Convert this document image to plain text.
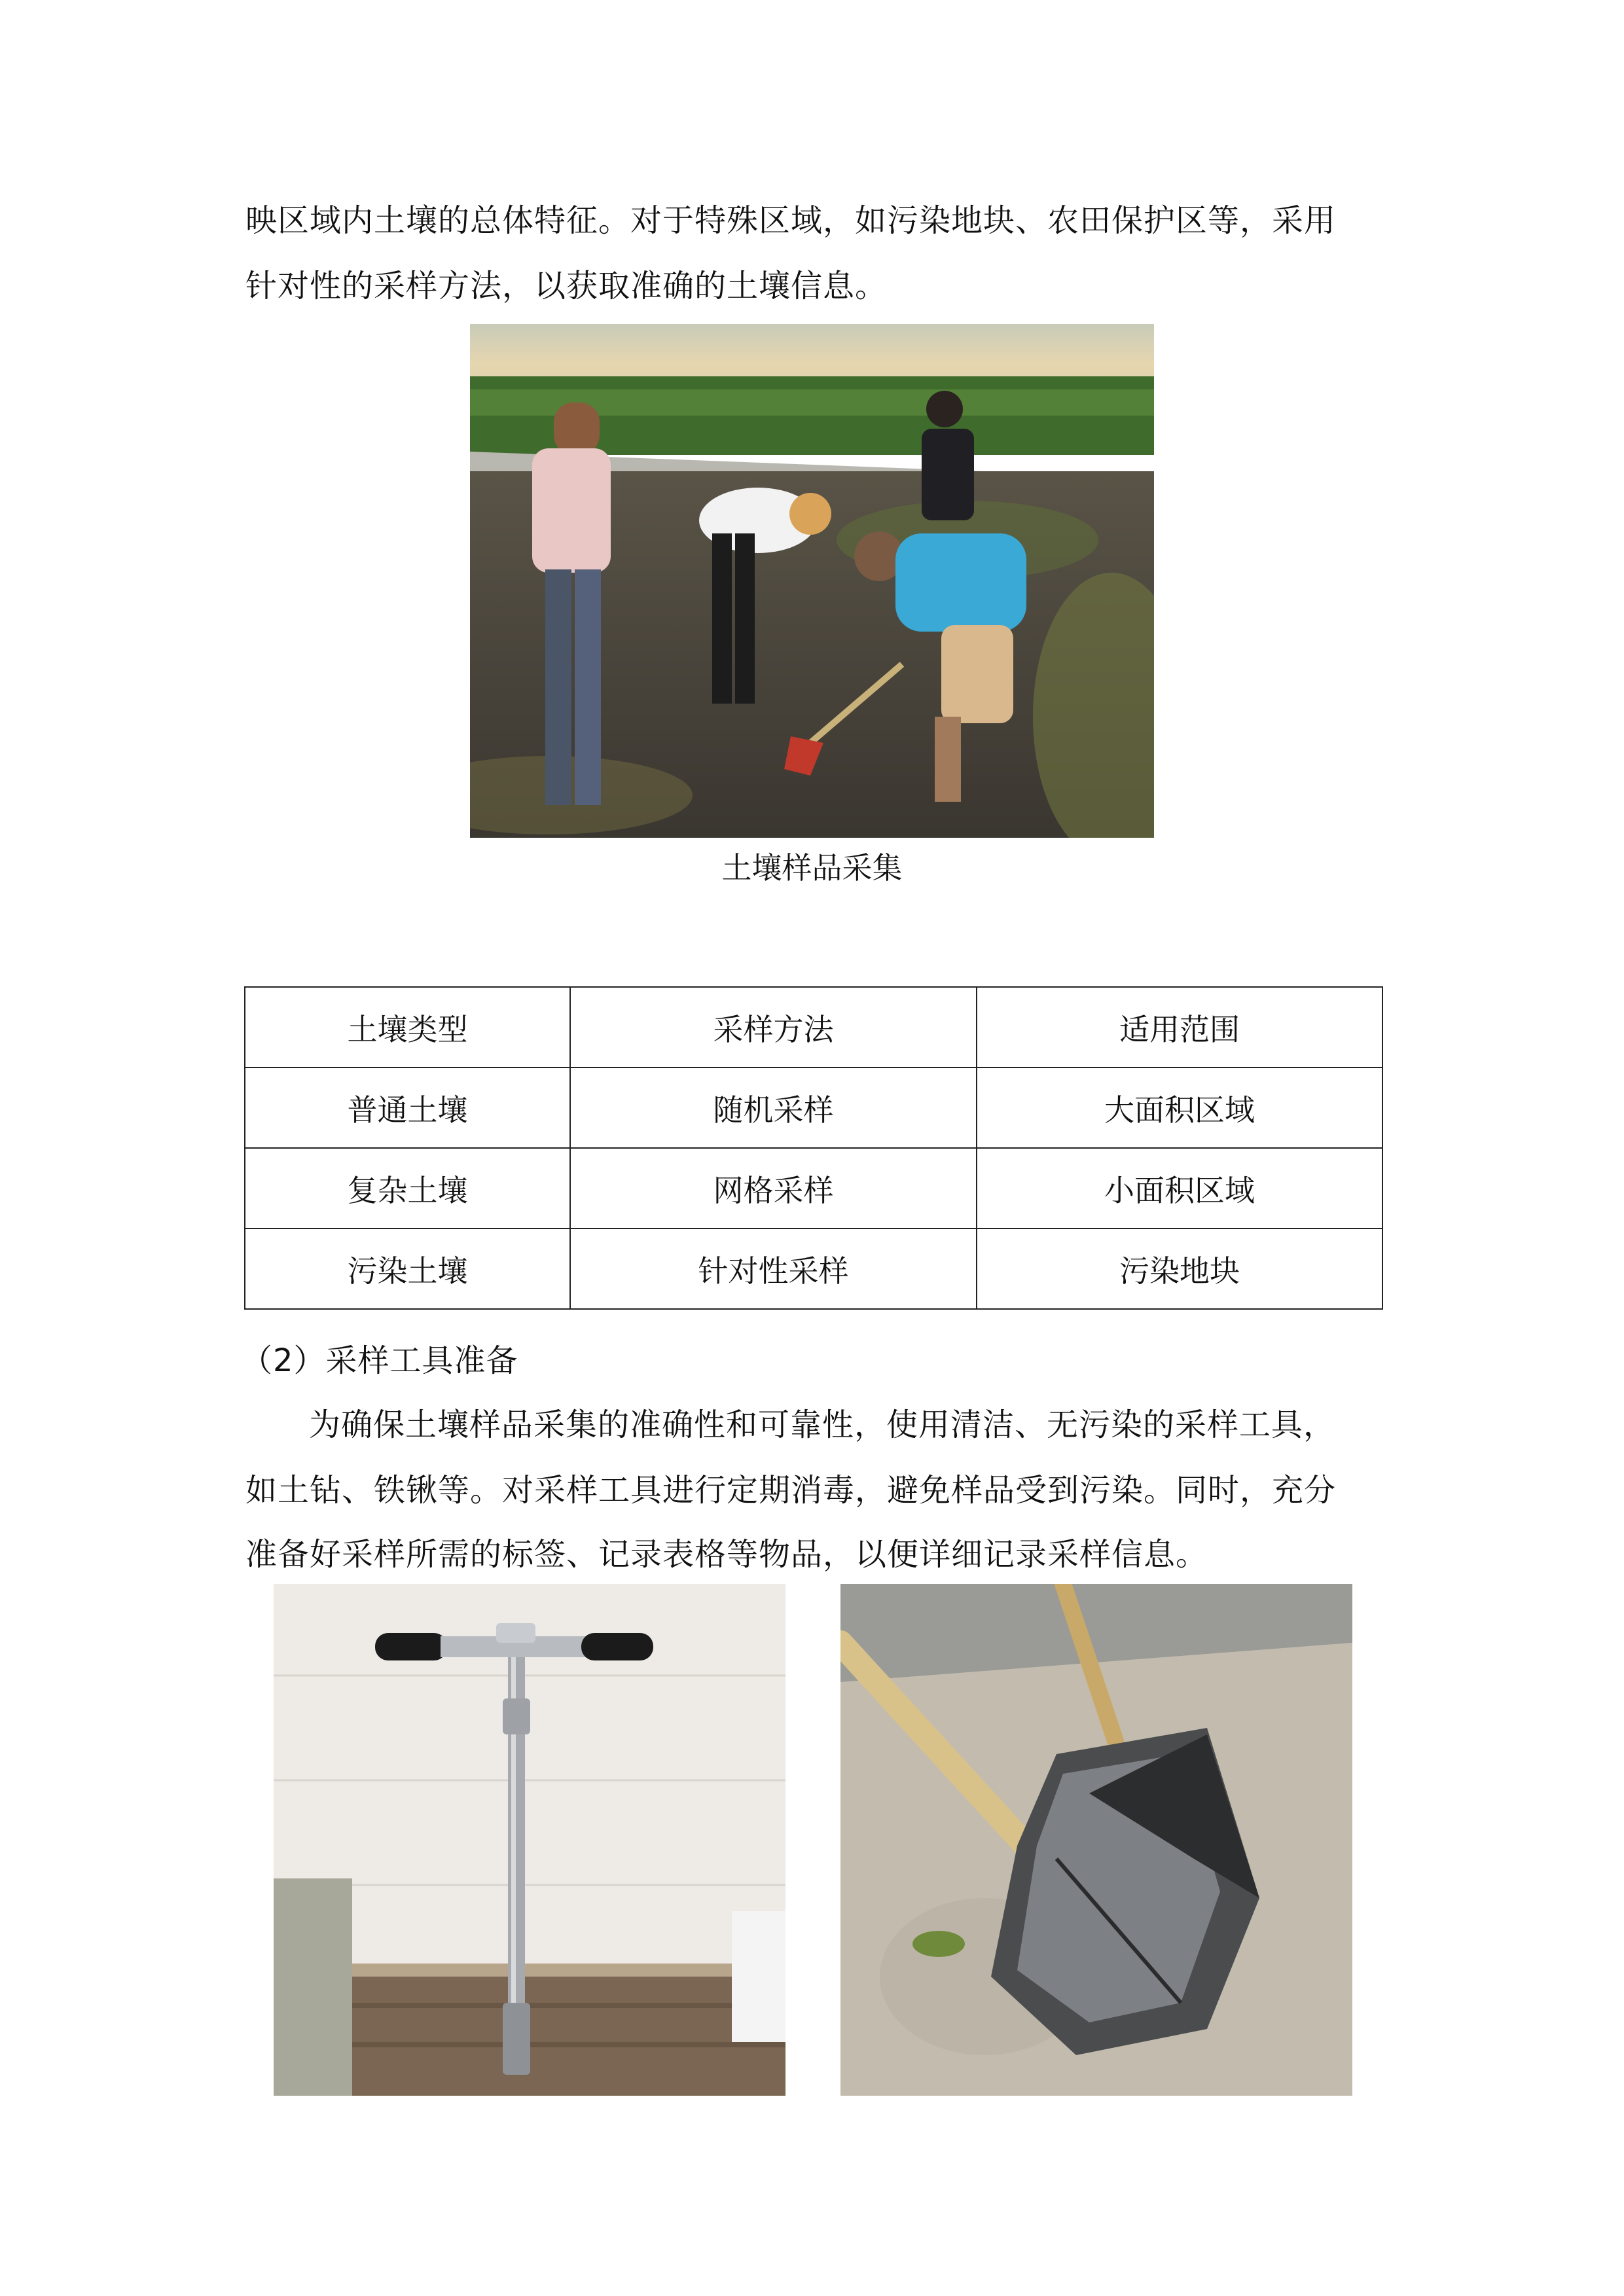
映区域内土壤的总体特征。对于特殊区域，如污染地块、农田保护区等，采用
针对性的采样方法，以获取准确的土壤信息。
土壤样品采集
土壤类型	采样方法	适用范围
普通土壤	随机采样	大面积区域
复杂土壤	网格采样	小面积区域
污染土壤	针对性采样	污染地块
（2）采样工具准备
为确保土壤样品采集的准确性和可靠性，使用清洁、无污染的采样工具，
如土钻、铁锹等。对采样工具进行定期消毒，避免样品受到污染。同时，充分
准备好采样所需的标签、记录表格等物品，以便详细记录采样信息。
